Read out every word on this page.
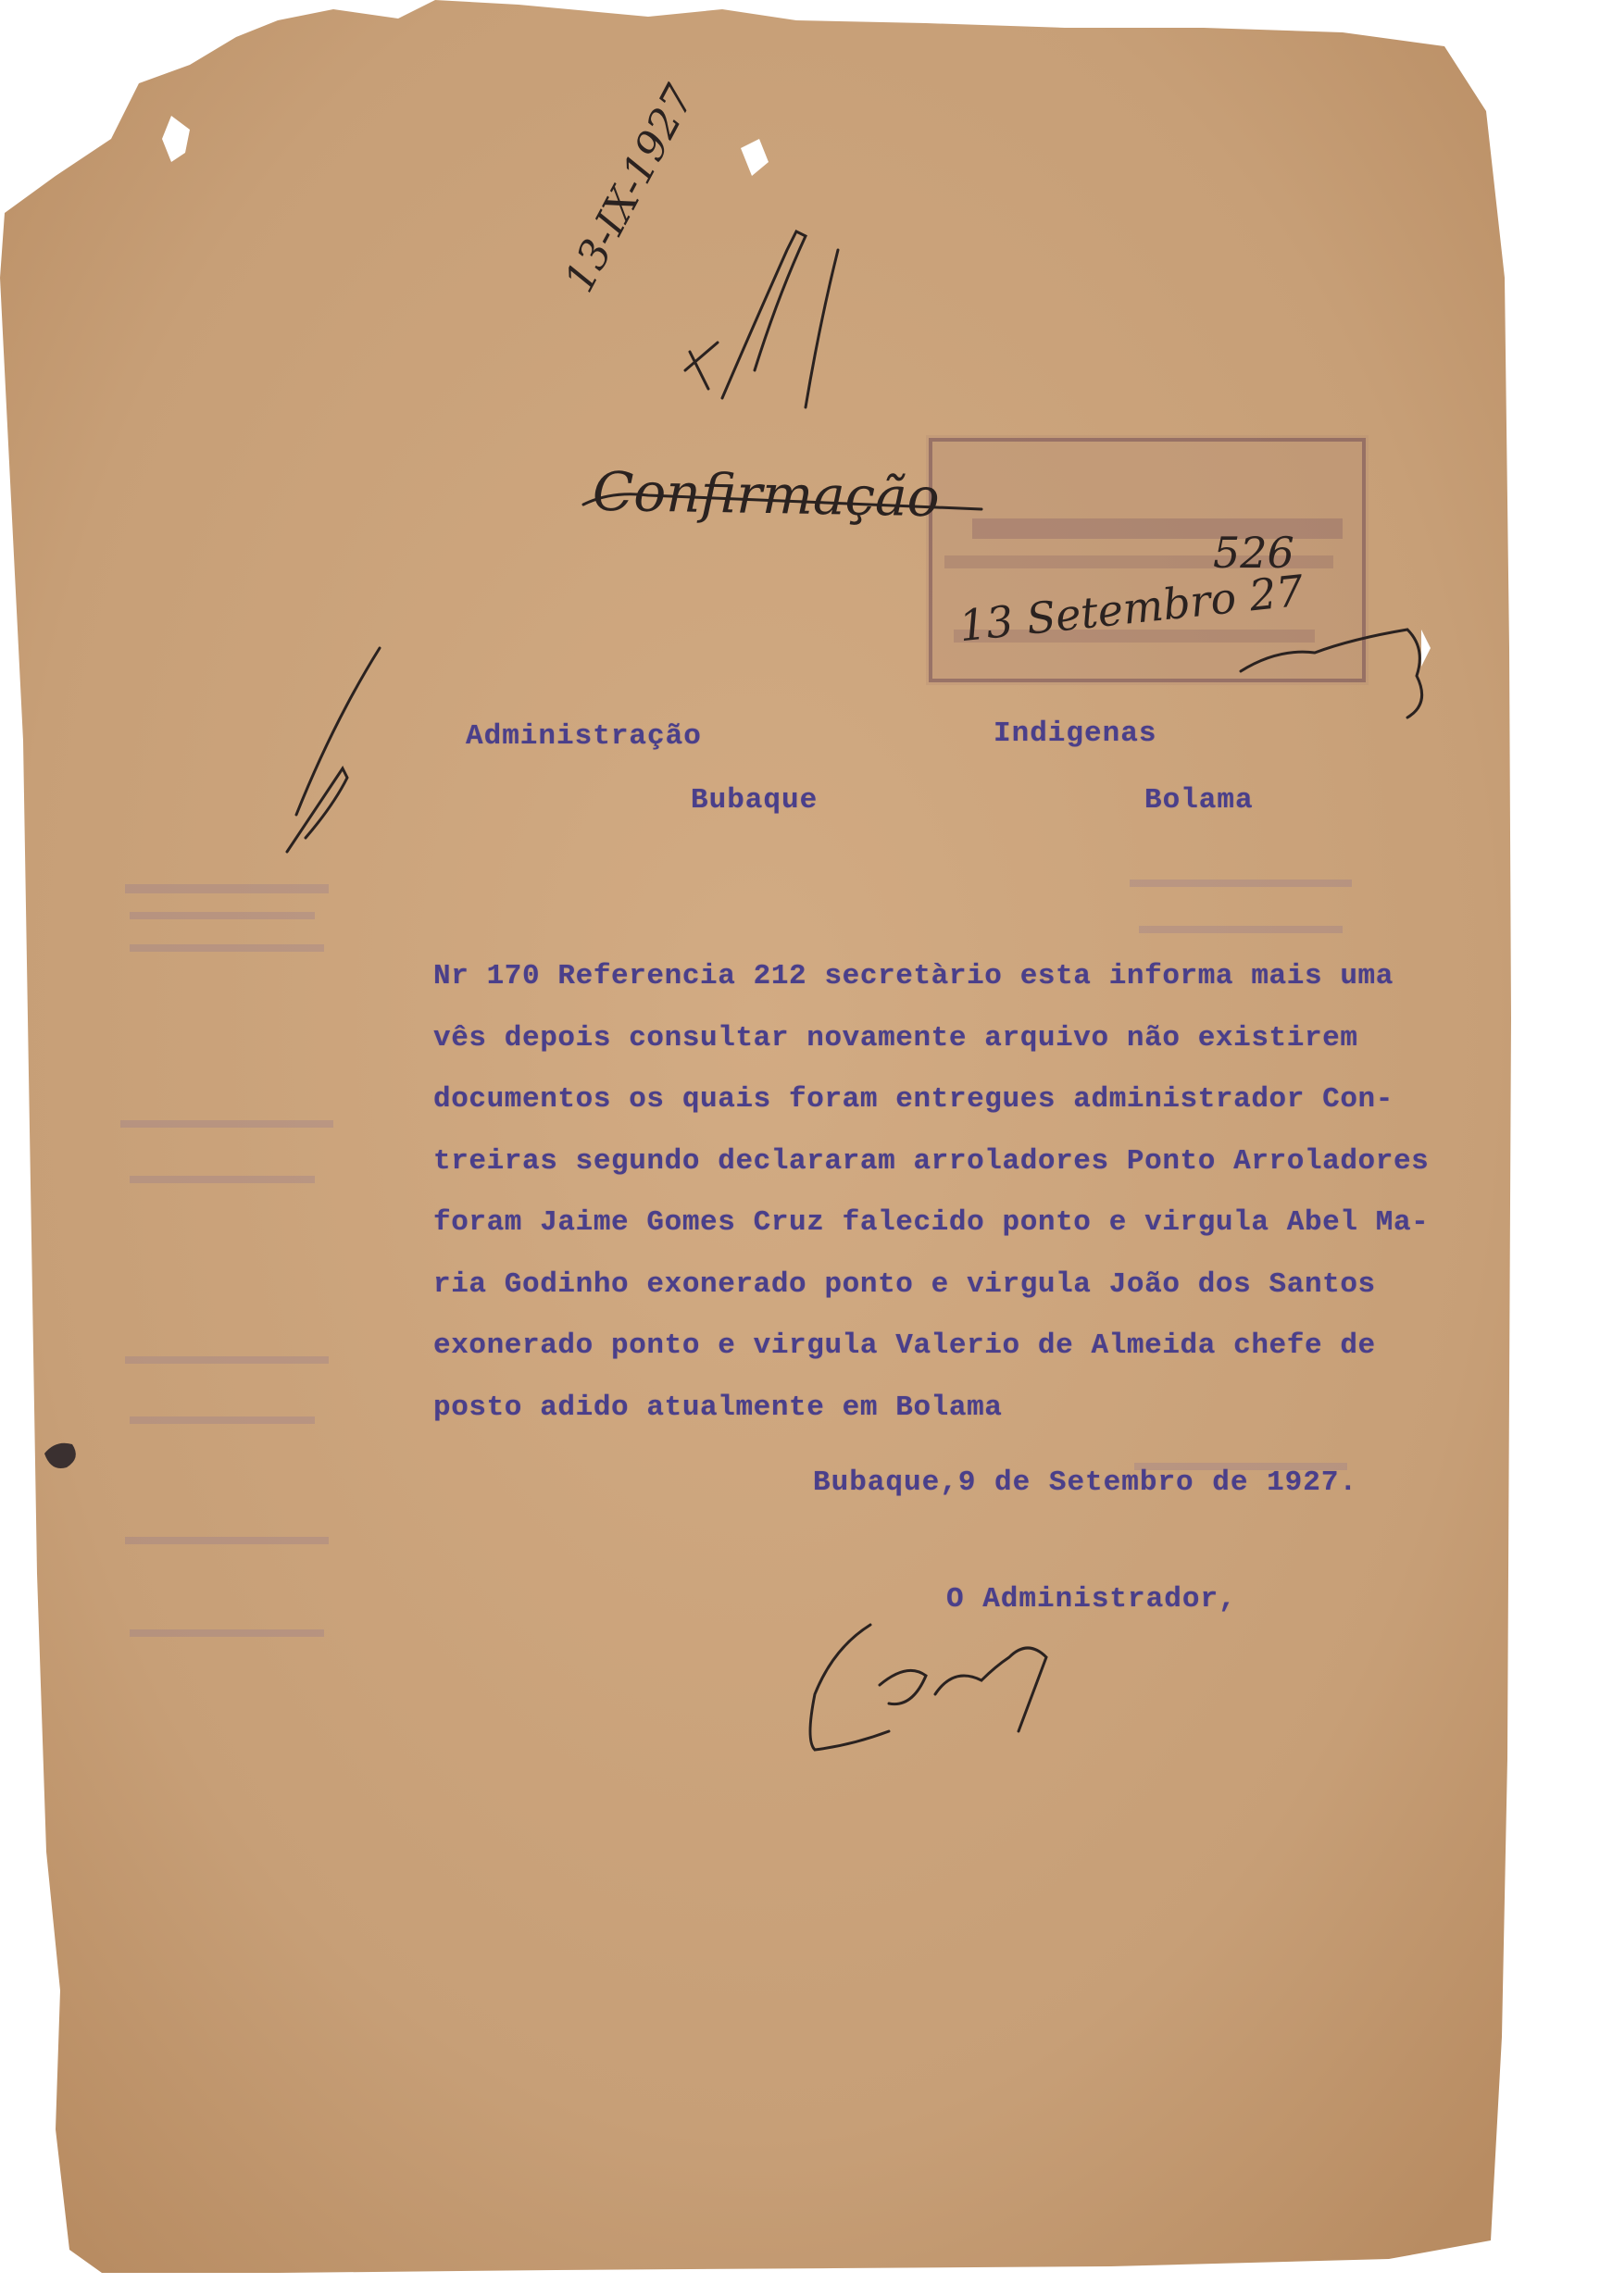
Confirmação
13-IX-1927
526
13 Setembro 27
Administração	Indigenas
Bubaque	Bolama
Nr 170 Referencia 212 secretàrio esta informa mais uma
vês depois consultar novamente arquivo não existirem
documentos os quais foram entregues administrador Con-
treiras segundo declararam arroladores Ponto Arroladores
foram Jaime Gomes Cruz falecido ponto e virgula Abel Ma-
ria Godinho exonerado ponto e virgula João dos Santos
exonerado ponto e virgula Valerio de Almeida chefe de
posto adido atualmente em Bolama
Bubaque,9 de Setembro de 1927.
O Administrador,
